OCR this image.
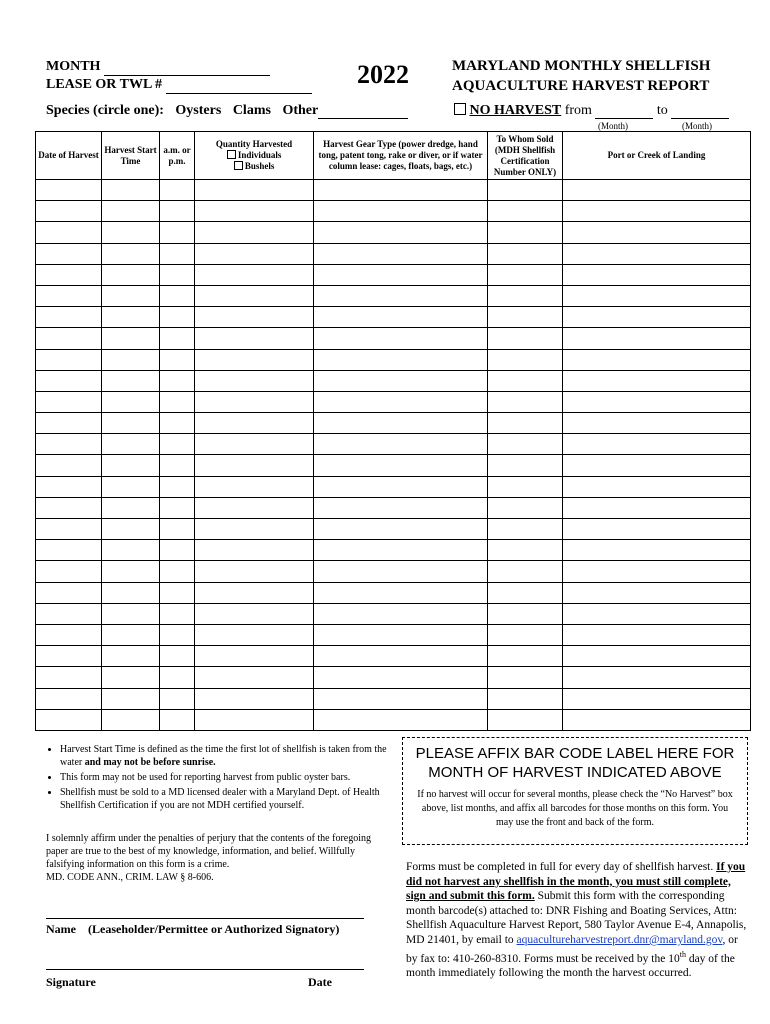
MONTH
LEASE OR TWL #	2022	MARYLAND MONTHLY SHELLFISH
AQUACULTURE HARVEST REPORT
Species (circle one): Oysters Clams Other	NO HARVEST from	to
(Month)	(Month)
Date of Harvest	Harvest Start Time	a.m. or p.m.	Quantity Harvested
Individuals
Bushels	Harvest Gear Type (power dredge, hand tong, patent tong, rake or diver, or if water column lease: cages, floats, bags, etc.)	To Whom Sold (MDH Shellfish Certification Number ONLY)	Port or Creek of Landing

• Harvest Start Time is defined as the time the first lot of shellfish is taken from the water and may not be before sunrise.
• This form may not be used for reporting harvest from public oyster bars.
• Shellfish must be sold to a MD licensed dealer with a Maryland Dept. of Health Shellfish Certification if you are not MDH certified yourself.
I solemnly affirm under the penalties of perjury that the contents of the foregoing paper are true to the best of my knowledge, information, and belief. Willfully falsifying information on this form is a crime.
MD. CODE ANN., CRIM. LAW § 8-606.
Name (Leaseholder/Permittee or Authorized Signatory)
Signature	Date
PLEASE AFFIX BAR CODE LABEL HERE FOR
MONTH OF HARVEST INDICATED ABOVE
If no harvest will occur for several months, please check the “No Harvest” box above, list months, and affix all barcodes for those months on this form. You may use the front and back of the form.
Forms must be completed in full for every day of shellfish harvest. If you did not harvest any shellfish in the month, you must still complete, sign and submit this form. Submit this form with the corresponding month barcode(s) attached to: DNR Fishing and Boating Services, Attn: Shellfish Aquaculture Harvest Report, 580 Taylor Avenue E-4, Annapolis, MD 21401, by email to aquacultureharvestreport.dnr@maryland.gov, or by fax to: 410-260-8310. Forms must be received by the 10th day of the month immediately following the month the harvest occurred.
